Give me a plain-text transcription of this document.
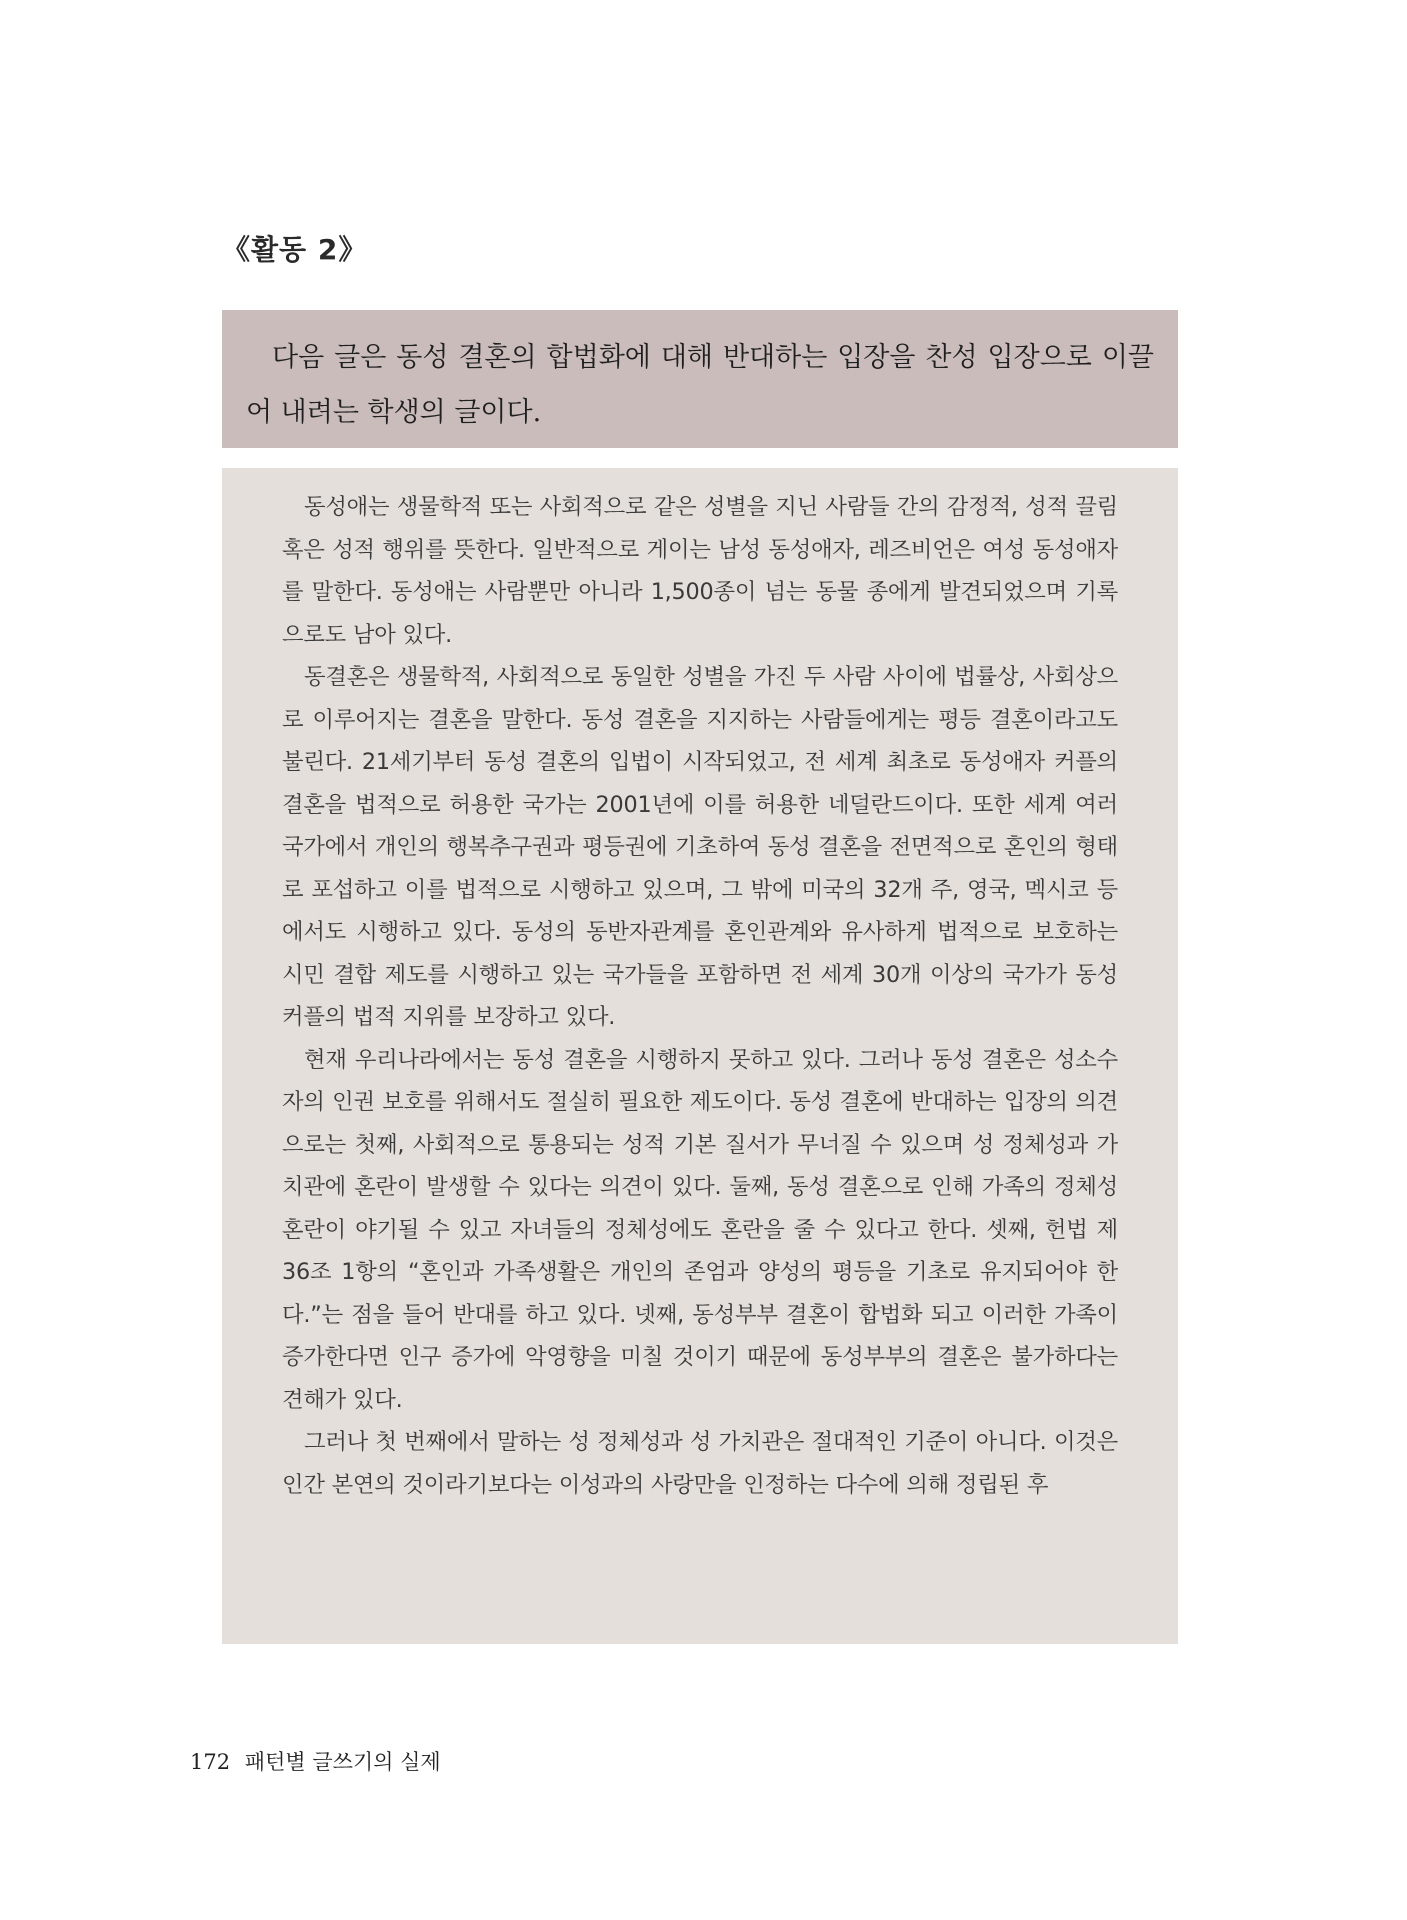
《활동 2》

다음 글은 동성 결혼의 합법화에 대해 반대하는 입장을 찬성 입장으로 이끌어 내려는 학생의 글이다.

동성애는 생물학적 또는 사회적으로 같은 성별을 지닌 사람들 간의 감정적, 성적 끌림 혹은 성적 행위를 뜻한다. 일반적으로 게이는 남성 동성애자, 레즈비언은 여성 동성애자를 말한다. 동성애는 사람뿐만 아니라 1,500종이 넘는 동물 종에게 발견되었으며 기록으로도 남아 있다.

동결혼은 생물학적, 사회적으로 동일한 성별을 가진 두 사람 사이에 법률상, 사회상으로 이루어지는 결혼을 말한다. 동성 결혼을 지지하는 사람들에게는 평등 결혼이라고도 불린다. 21세기부터 동성 결혼의 입법이 시작되었고, 전 세계 최초로 동성애자 커플의 결혼을 법적으로 허용한 국가는 2001년에 이를 허용한 네덜란드이다. 또한 세계 여러 국가에서 개인의 행복추구권과 평등권에 기초하여 동성 결혼을 전면적으로 혼인의 형태로 포섭하고 이를 법적으로 시행하고 있으며, 그 밖에 미국의 32개 주, 영국, 멕시코 등에서도 시행하고 있다. 동성의 동반자관계를 혼인관계와 유사하게 법적으로 보호하는 시민 결합 제도를 시행하고 있는 국가들을 포함하면 전 세계 30개 이상의 국가가 동성 커플의 법적 지위를 보장하고 있다.

현재 우리나라에서는 동성 결혼을 시행하지 못하고 있다. 그러나 동성 결혼은 성소수자의 인권 보호를 위해서도 절실히 필요한 제도이다. 동성 결혼에 반대하는 입장의 의견으로는 첫째, 사회적으로 통용되는 성적 기본 질서가 무너질 수 있으며 성 정체성과 가치관에 혼란이 발생할 수 있다는 의견이 있다. 둘째, 동성 결혼으로 인해 가족의 정체성 혼란이 야기될 수 있고 자녀들의 정체성에도 혼란을 줄 수 있다고 한다. 셋째, 헌법 제 36조 1항의 “혼인과 가족생활은 개인의 존엄과 양성의 평등을 기초로 유지되어야 한다.”는 점을 들어 반대를 하고 있다. 넷째, 동성부부 결혼이 합법화 되고 이러한 가족이 증가한다면 인구 증가에 악영향을 미칠 것이기 때문에 동성부부의 결혼은 불가하다는 견해가 있다.

그러나 첫 번째에서 말하는 성 정체성과 성 가치관은 절대적인 기준이 아니다. 이것은 인간 본연의 것이라기보다는 이성과의 사랑만을 인정하는 다수에 의해 정립된 후

172 패턴별 글쓰기의 실제
